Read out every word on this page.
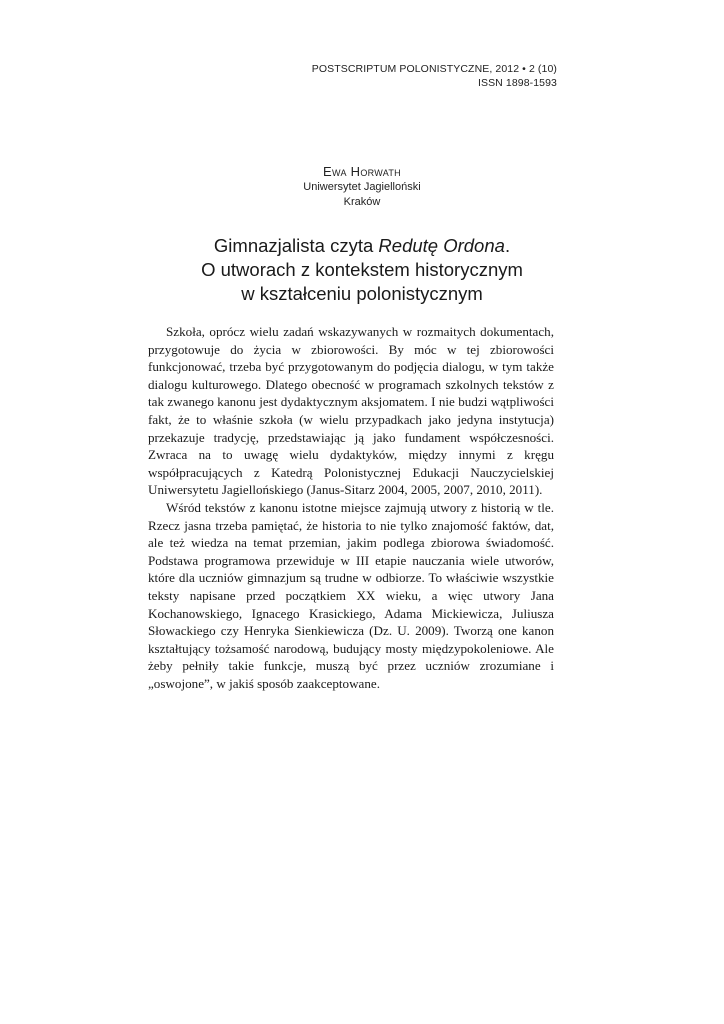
POSTSCRIPTUM POLONISTYCZNE, 2012 • 2 (10)
ISSN 1898-1593
Ewa Horwath
Uniwersytet Jagielloński
Kraków
Gimnazjalista czyta Redutę Ordona.
O utworach z kontekstem historycznym
w kształceniu polonistycznym

Szkoła, oprócz wielu zadań wskazywanych w rozmaitych dokumentach, przygotowuje do życia w zbiorowości. By móc w tej zbiorowości funkcjonować, trzeba być przygotowanym do podjęcia dialogu, w tym także dialogu kulturowego. Dlatego obecność w programach szkolnych tekstów z tak zwanego kanonu jest dydaktycznym aksjomatem. I nie budzi wątpliwości fakt, że to właśnie szkoła (w wielu przypadkach jako jedyna instytucja) przekazuje tradycję, przedstawiając ją jako fundament współczesności. Zwraca na to uwagę wielu dydaktyków, między innymi z kręgu współpracujących z Katedrą Polonistycznej Edukacji Nauczycielskiej Uniwersytetu Jagiellońskiego (Janus-Sitarz 2004, 2005, 2007, 2010, 2011).

Wśród tekstów z kanonu istotne miejsce zajmują utwory z historią w tle. Rzecz jasna trzeba pamiętać, że historia to nie tylko znajomość faktów, dat, ale też wiedza na temat przemian, jakim podlega zbiorowa świadomość. Podstawa programowa przewiduje w III etapie nauczania wiele utworów, które dla uczniów gimnazjum są trudne w odbiorze. To właściwie wszystkie teksty napisane przed początkiem XX wieku, a więc utwory Jana Kochanowskiego, Ignacego Krasickiego, Adama Mickiewicza, Juliusza Słowackiego czy Henryka Sienkiewicza (Dz. U. 2009). Tworzą one kanon kształtujący tożsamość narodową, budujący mosty międzypokoleniowe. Ale żeby pełniły takie funkcje, muszą być przez uczniów zrozumiane i „oswojone”, w jakiś sposób zaakceptowane.
